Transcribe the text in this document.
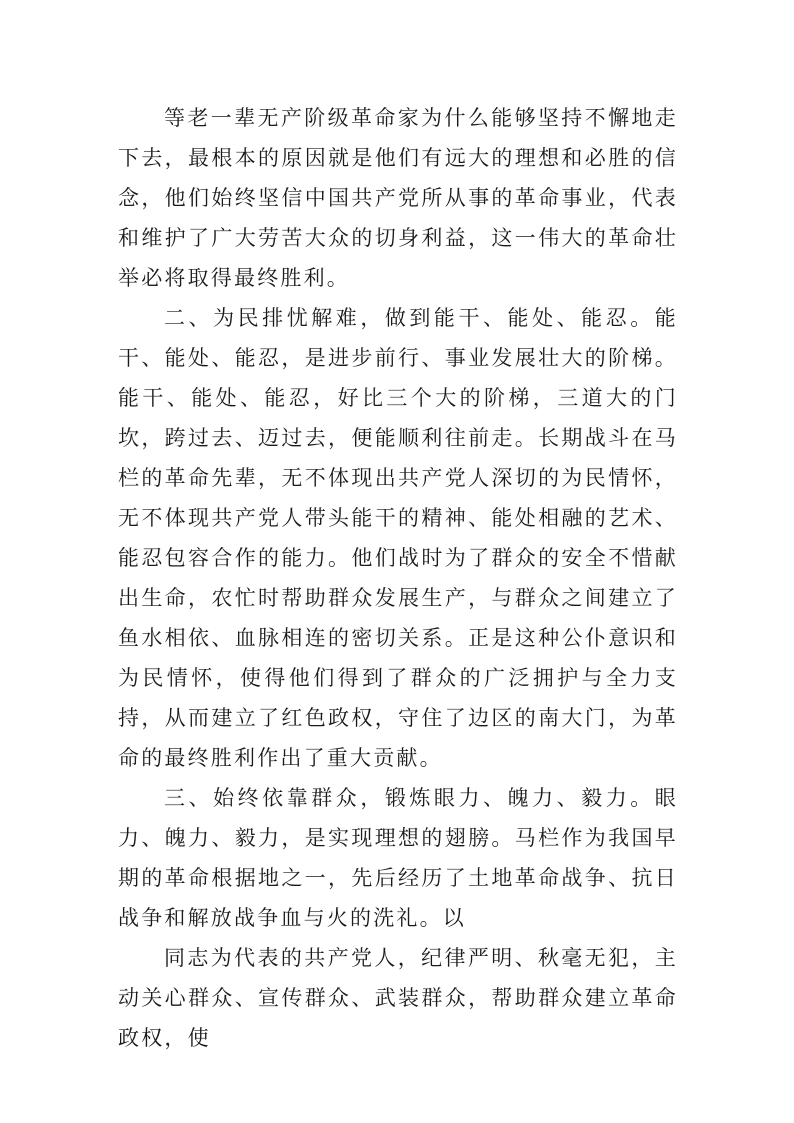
等老一辈无产阶级革命家为什么能够坚持不懈地走下去，最根本的原因就是他们有远大的理想和必胜的信念，他们始终坚信中国共产党所从事的革命事业，代表和维护了广大劳苦大众的切身利益，这一伟大的革命壮举必将取得最终胜利。

二、为民排忧解难，做到能干、能处、能忍。能干、能处、能忍，是进步前行、事业发展壮大的阶梯。能干、能处、能忍，好比三个大的阶梯，三道大的门坎，跨过去、迈过去，便能顺利往前走。长期战斗在马栏的革命先辈，无不体现出共产党人深切的为民情怀，无不体现共产党人带头能干的精神、能处相融的艺术、能忍包容合作的能力。他们战时为了群众的安全不惜献出生命，农忙时帮助群众发展生产，与群众之间建立了鱼水相依、血脉相连的密切关系。正是这种公仆意识和为民情怀，使得他们得到了群众的广泛拥护与全力支持，从而建立了红色政权，守住了边区的南大门，为革命的最终胜利作出了重大贡献。

三、始终依靠群众，锻炼眼力、魄力、毅力。眼力、魄力、毅力，是实现理想的翅膀。马栏作为我国早期的革命根据地之一，先后经历了土地革命战争、抗日战争和解放战争血与火的洗礼。以

同志为代表的共产党人，纪律严明、秋毫无犯，主动关心群众、宣传群众、武装群众，帮助群众建立革命政权，使
